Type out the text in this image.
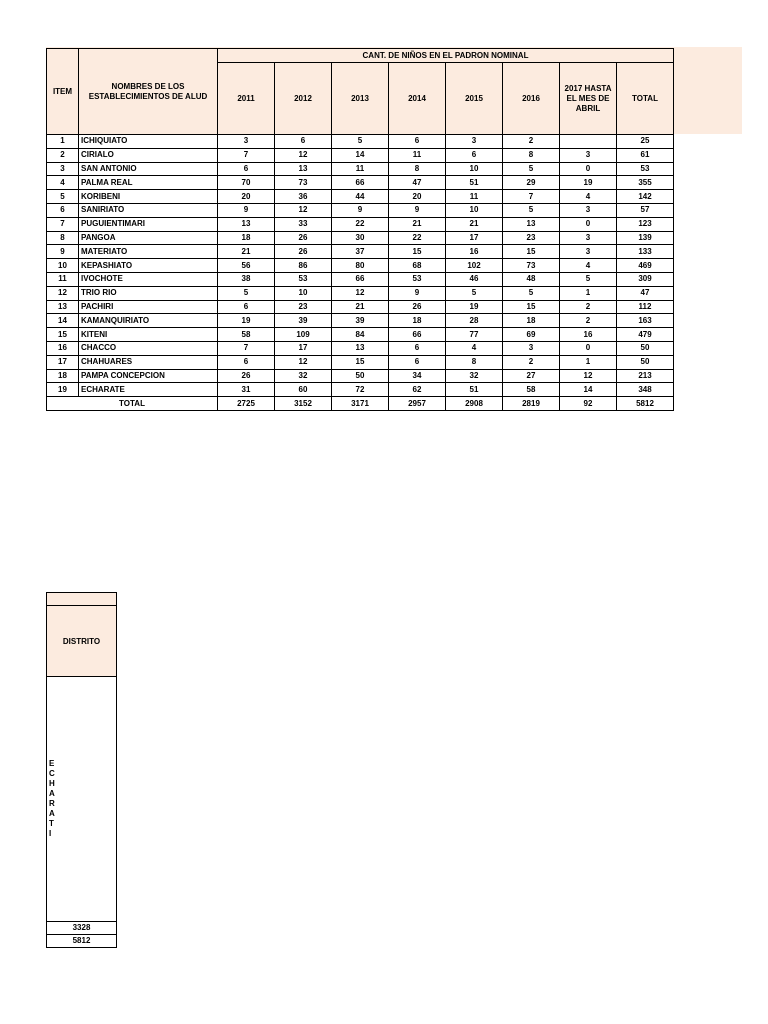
ITEM	NOMBRES DE LOS ESTABLECIMIENTOS DE ALUD	CANT. DE NIÑOS EN EL PADRON NOMINAL							
		2011	2012	2013	2014	2015	2016	2017 HASTA EL MES DE ABRIL	TOTAL
1	ICHIQUIATO	3	6	5	6	3	2		25
2	CIRIALO	7	12	14	11	6	8	3	61
3	SAN ANTONIO	6	13	11	8	10	5	0	53
4	PALMA REAL	70	73	66	47	51	29	19	355
5	KORIBENI	20	36	44	20	11	7	4	142
6	SANIRIATO	9	12	9	9	10	5	3	57
7	PUGUIENTIMARI	13	33	22	21	21	13	0	123
8	PANGOA	18	26	30	22	17	23	3	139
9	MATERIATO	21	26	37	15	16	15	3	133
10	KEPASHIATO	56	86	80	68	102	73	4	469
11	IVOCHOTE	38	53	66	53	46	48	5	309
12	TRIO RIO	5	10	12	9	5	5	1	47
13	PACHIRI	6	23	21	26	19	15	2	112
14	KAMANQUIRIATO	19	39	39	18	28	18	2	163
15	KITENI	58	109	84	66	77	69	16	479
16	CHACCO	7	17	13	6	4	3	0	50
17	CHAHUARES	6	12	15	6	8	2	1	50
18	PAMPA CONCEPCION	26	32	50	34	32	27	12	213
19	ECHARATE	31	60	72	62	51	58	14	348
TOTAL		2725	3152	3171	2957	2908	2819	92	5812
DISTRITO
E
C
H
A
R
A
T
I
3328
5812
